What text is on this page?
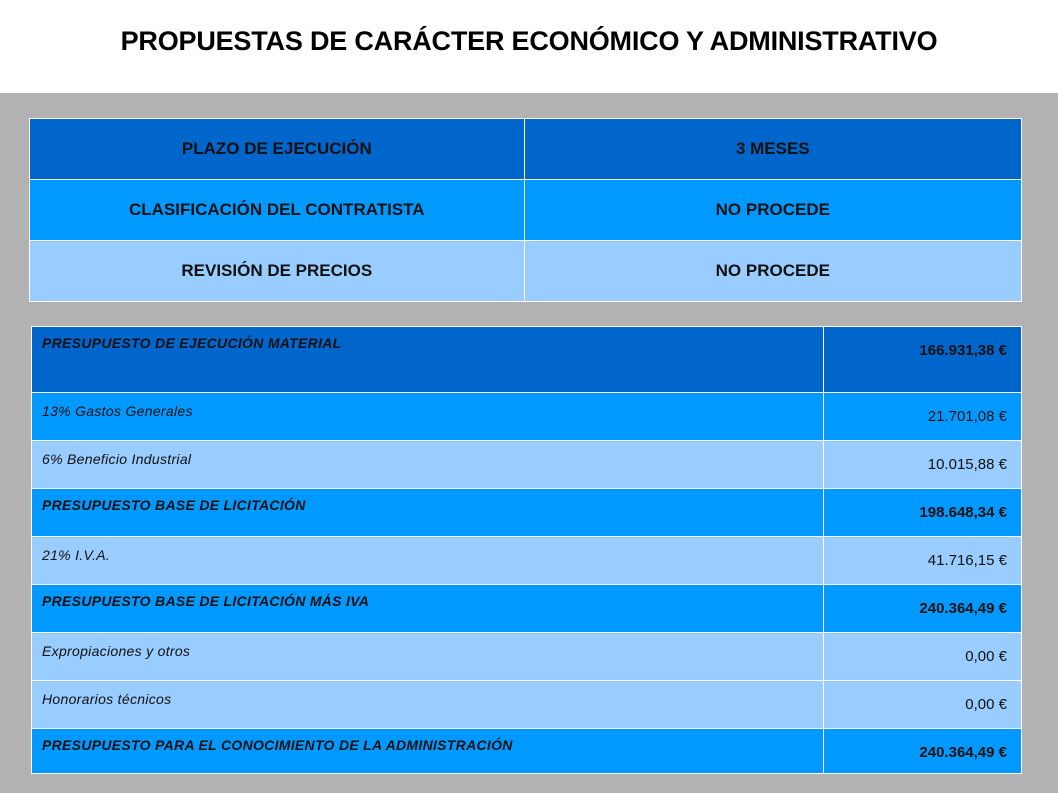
PROPUESTAS DE CARÁCTER ECONÓMICO Y ADMINISTRATIVO
PLAZO DE EJECUCIÓN	3 MESES
CLASIFICACIÓN DEL CONTRATISTA	NO PROCEDE
REVISIÓN DE PRECIOS	NO PROCEDE
PRESUPUESTO DE EJECUCIÓN MATERIAL	166.931,38 €
13% Gastos Generales	21.701,08 €
6% Beneficio Industrial	10.015,88 €
PRESUPUESTO BASE DE LICITACIÓN	198.648,34 €
21% I.V.A.	41.716,15 €
PRESUPUESTO BASE DE LICITACIÓN MÁS IVA	240.364,49 €
Expropiaciones y otros	0,00 €
Honorarios técnicos	0,00 €
PRESUPUESTO PARA EL CONOCIMIENTO DE LA ADMINISTRACIÓN	240.364,49 €
